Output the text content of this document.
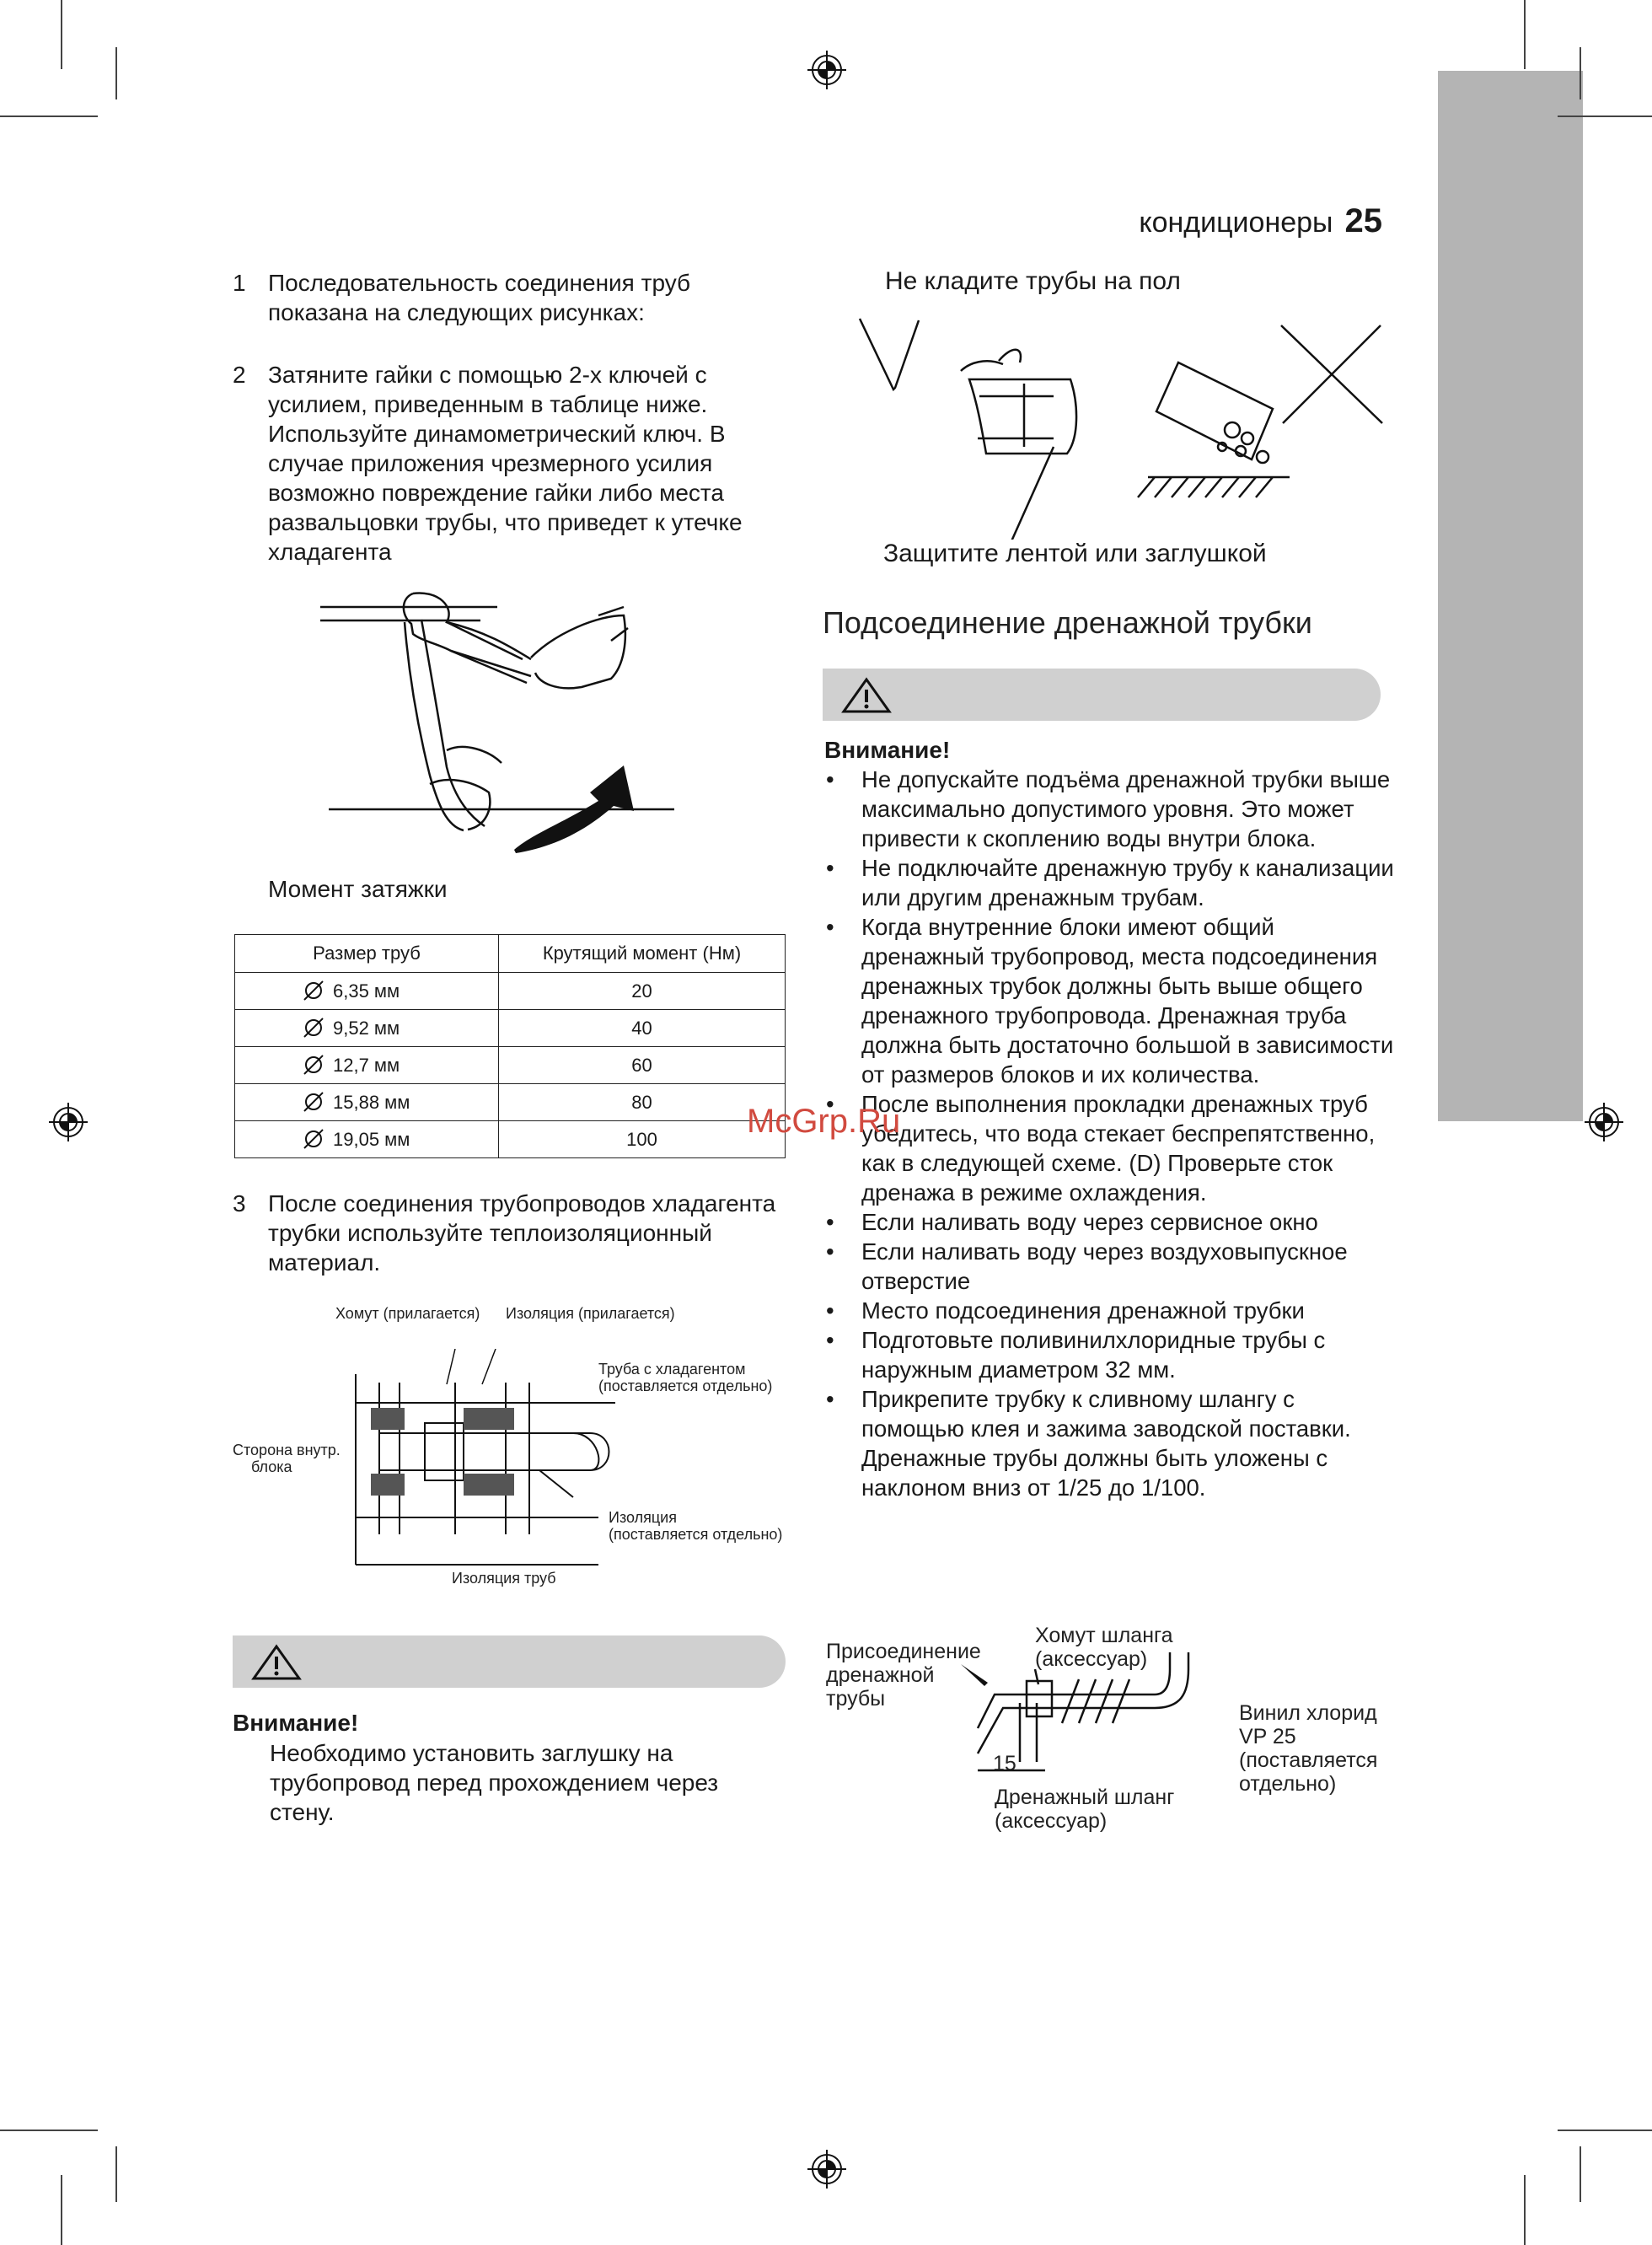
кондиционеры 25
1 Последовательность соединения труб показана на следующих рисунках:
2 Затяните гайки с помощью 2-х ключей с усилием, приведенным в таблице ниже. Используйте динамометрический ключ. В случае приложения чрезмерного усилия возможно повреждение гайки либо места развальцовки трубы, что приведет к утечке хладагента
Момент затяжки
Размер труб	Крутящий момент (Нм)

6,35 мм	20

9,52 мм	40

12,7 мм	60

15,88 мм	80

19,05 мм	100
3 После соединения трубопроводов хладагента трубки используйте теплоизоляционный материал.
Хомут (прилагается) Изоляция (прилагается)
Труба с хладагентом
(поставляется отдельно)
Сторона внутр.
блока
Изоляция
(поставляется отдельно)
Изоляция труб
Внимание!
Необходимо установить заглушку на трубопровод перед прохождением через стену.
Не кладите трубы на пол
Защитите лентой или заглушкой
Подсоединение дренажной трубки
Внимание!
• Не допускайте подъёма дренажной трубки выше максимально допустимого уровня. Это может привести к скоплению воды внутри блока.
• Не подключайте дренажную трубу к канализации или другим дренажным трубам.
• Когда внутренние блоки имеют общий дренажный трубопровод, места подсоединения дренажных трубок должны быть выше общего дренажного трубопровода. Дренажная труба должна быть достаточно большой в зависимости от размеров блоков и их количества.
• После выполнения прокладки дренажных труб убедитесь, что вода стекает беспрепятственно, как в следующей схеме. (D) Проверьте сток дренажа в режиме охлаждения.
• Если наливать воду через сервисное окно
• Если наливать воду через воздуховыпускное отверстие
• Место подсоединения дренажной трубки
• Подготовьте поливинилхлоридные трубы с наружным диаметром 32 мм.
• Прикрепите трубку к сливному шлангу с помощью клея и зажима заводской поставки. Дренажные трубы должны быть уложены с наклоном вниз от 1/25 до 1/100.
McGrp.Ru
Присоединение
дренажной
трубы
Хомут шланга
(аксессуар)
Винил хлорид
VP 25
(поставляется
отдельно)
15
Дренажный шланг
(аксессуар)
